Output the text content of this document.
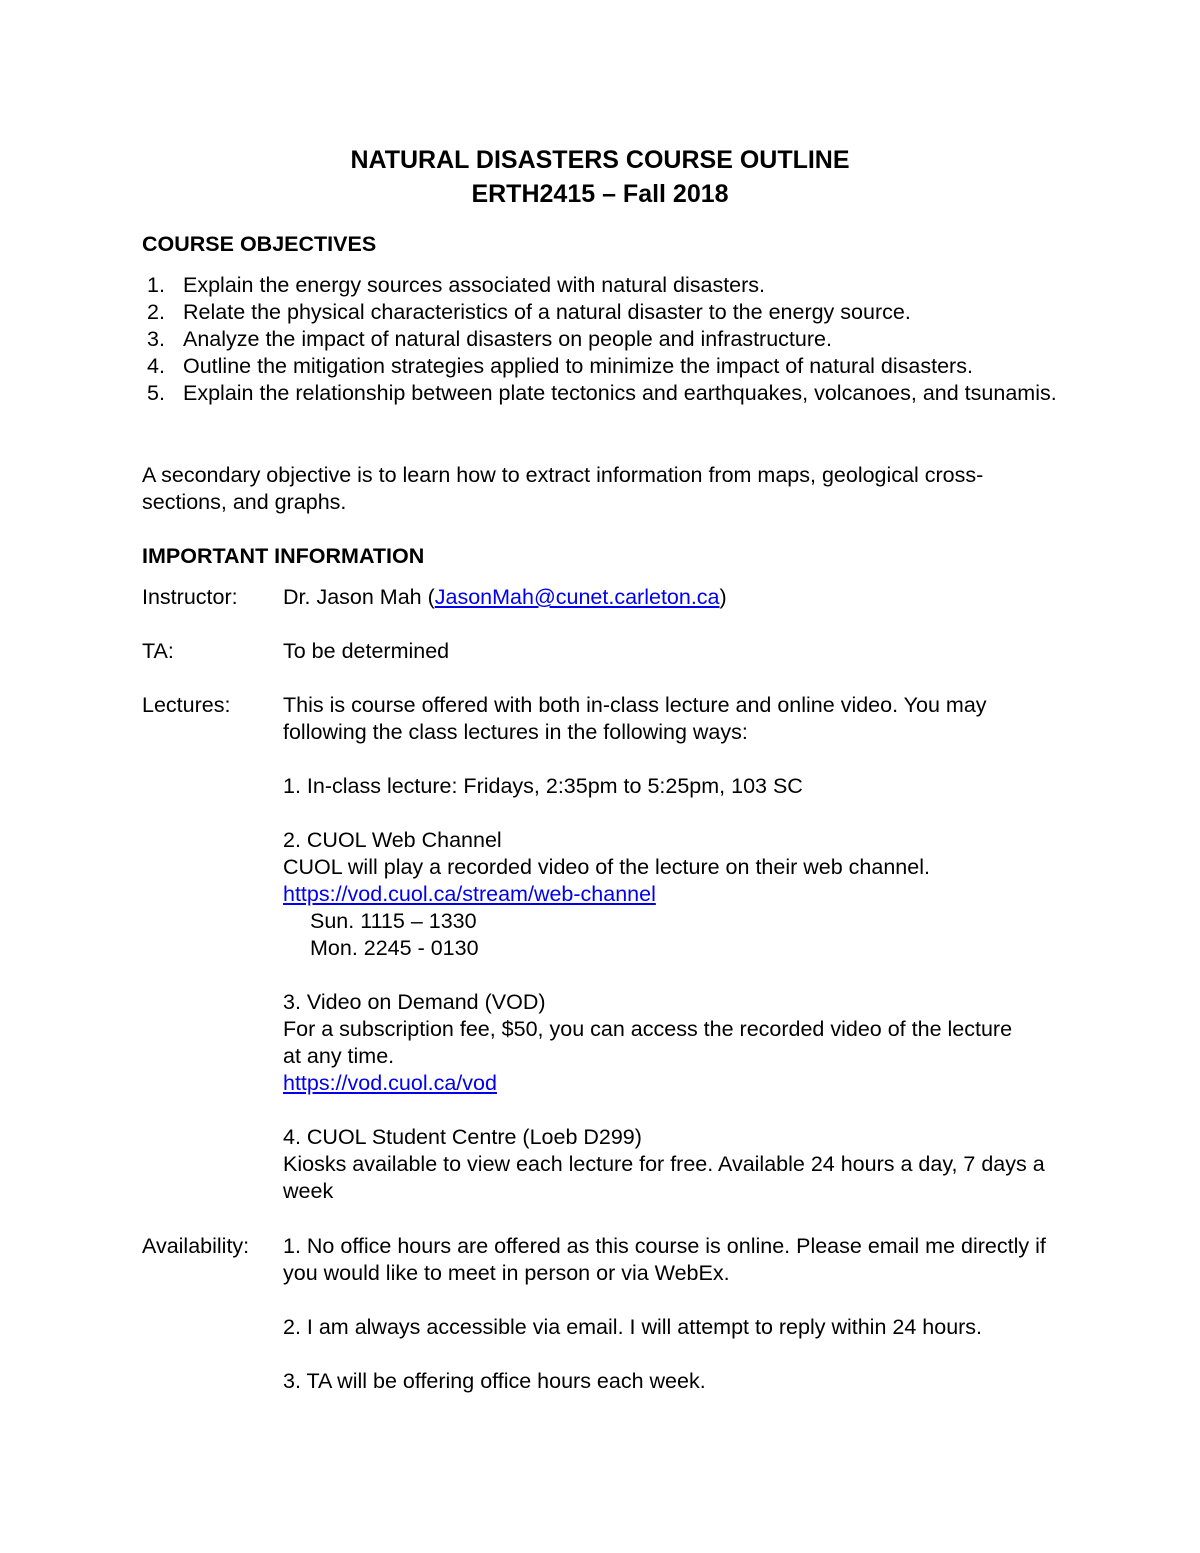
NATURAL DISASTERS COURSE OUTLINE
ERTH2415 – Fall 2018
COURSE OBJECTIVES
1. Explain the energy sources associated with natural disasters.
2. Relate the physical characteristics of a natural disaster to the energy source.
3. Analyze the impact of natural disasters on people and infrastructure.
4. Outline the mitigation strategies applied to minimize the impact of natural disasters.
5. Explain the relationship between plate tectonics and earthquakes, volcanoes, and tsunamis.

A secondary objective is to learn how to extract information from maps, geological cross-sections, and graphs.

IMPORTANT INFORMATION
Instructor: Dr. Jason Mah (JasonMah@cunet.carleton.ca)
TA:	To be determined
Lectures: This is course offered with both in-class lecture and online video. You may following the class lectures in the following ways:

1. In-class lecture: Fridays, 2:35pm to 5:25pm, 103 SC

2. CUOL Web Channel

CUOL will play a recorded video of the lecture on their web channel.

https://vod.cuol.ca/stream/web-channel

Sun. 1115 – 1330

Mon. 2245 - 0130

3. Video on Demand (VOD)

For a subscription fee, $50, you can access the recorded video of the lecture at any time.

https://vod.cuol.ca/vod

4. CUOL Student Centre (Loeb D299)

Kiosks available to view each lecture for free. Available 24 hours a day, 7 days a week

Availability: 1. No office hours are offered as this course is online. Please email me directly if you would like to meet in person or via WebEx.

2. I am always accessible via email. I will attempt to reply within 24 hours.

3. TA will be offering office hours each week.
